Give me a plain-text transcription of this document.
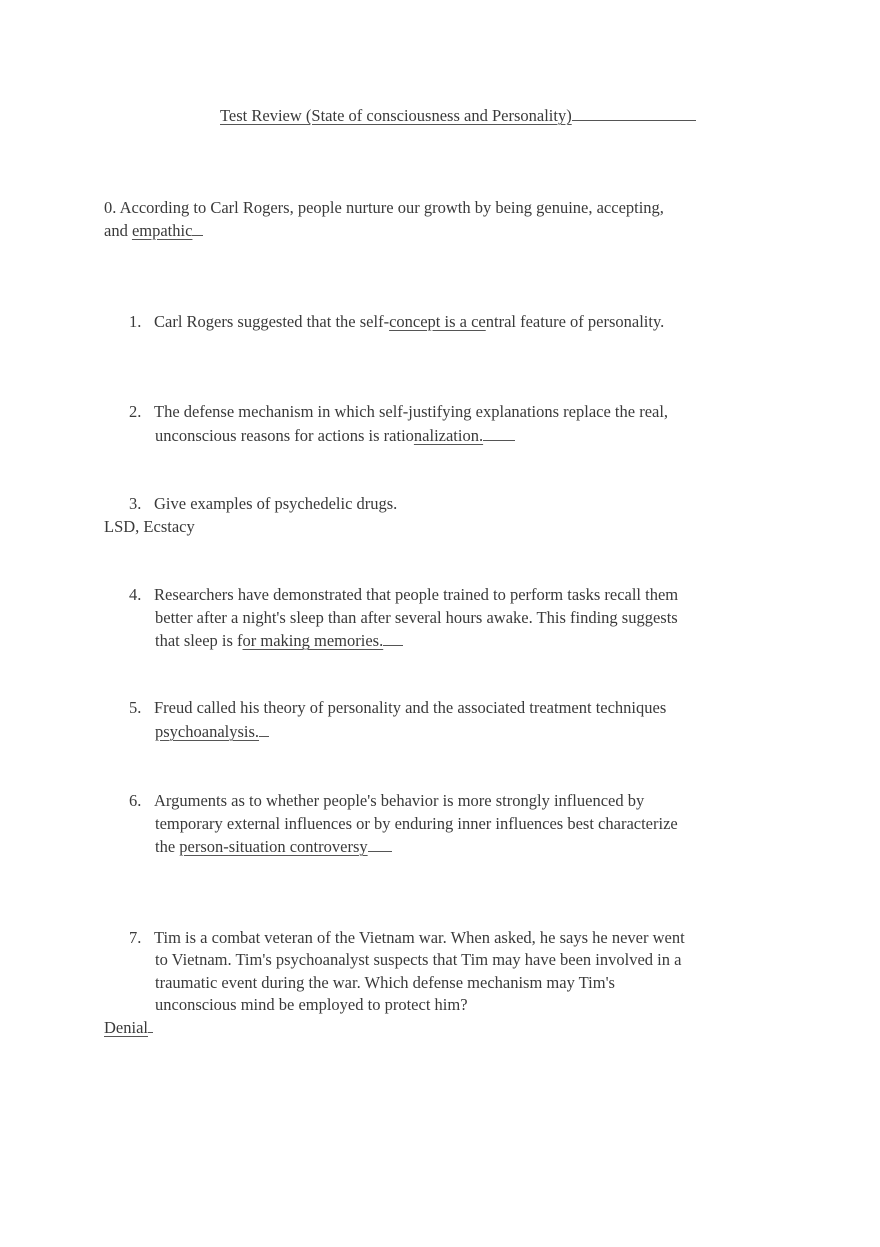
Test Review (State of consciousness and Personality)
0. According to Carl Rogers, people nurture our growth by being genuine, accepting,
and empathic
1. Carl Rogers suggested that the self-concept is a central feature of personality.
2. The defense mechanism in which self-justifying explanations replace the real,
unconscious reasons for actions is rationalization.
3. Give examples of psychedelic drugs.
LSD, Ecstacy
4. Researchers have demonstrated that people trained to perform tasks recall them
better after a night's sleep than after several hours awake. This finding suggests
that sleep is for making memories.
5. Freud called his theory of personality and the associated treatment techniques
psychoanalysis.
6. Arguments as to whether people's behavior is more strongly influenced by
temporary external influences or by enduring inner influences best characterize
the person-situation controversy
7. Tim is a combat veteran of the Vietnam war. When asked, he says he never went
to Vietnam. Tim's psychoanalyst suspects that Tim may have been involved in a
traumatic event during the war. Which defense mechanism may Tim's
unconscious mind be employed to protect him?
Denial
